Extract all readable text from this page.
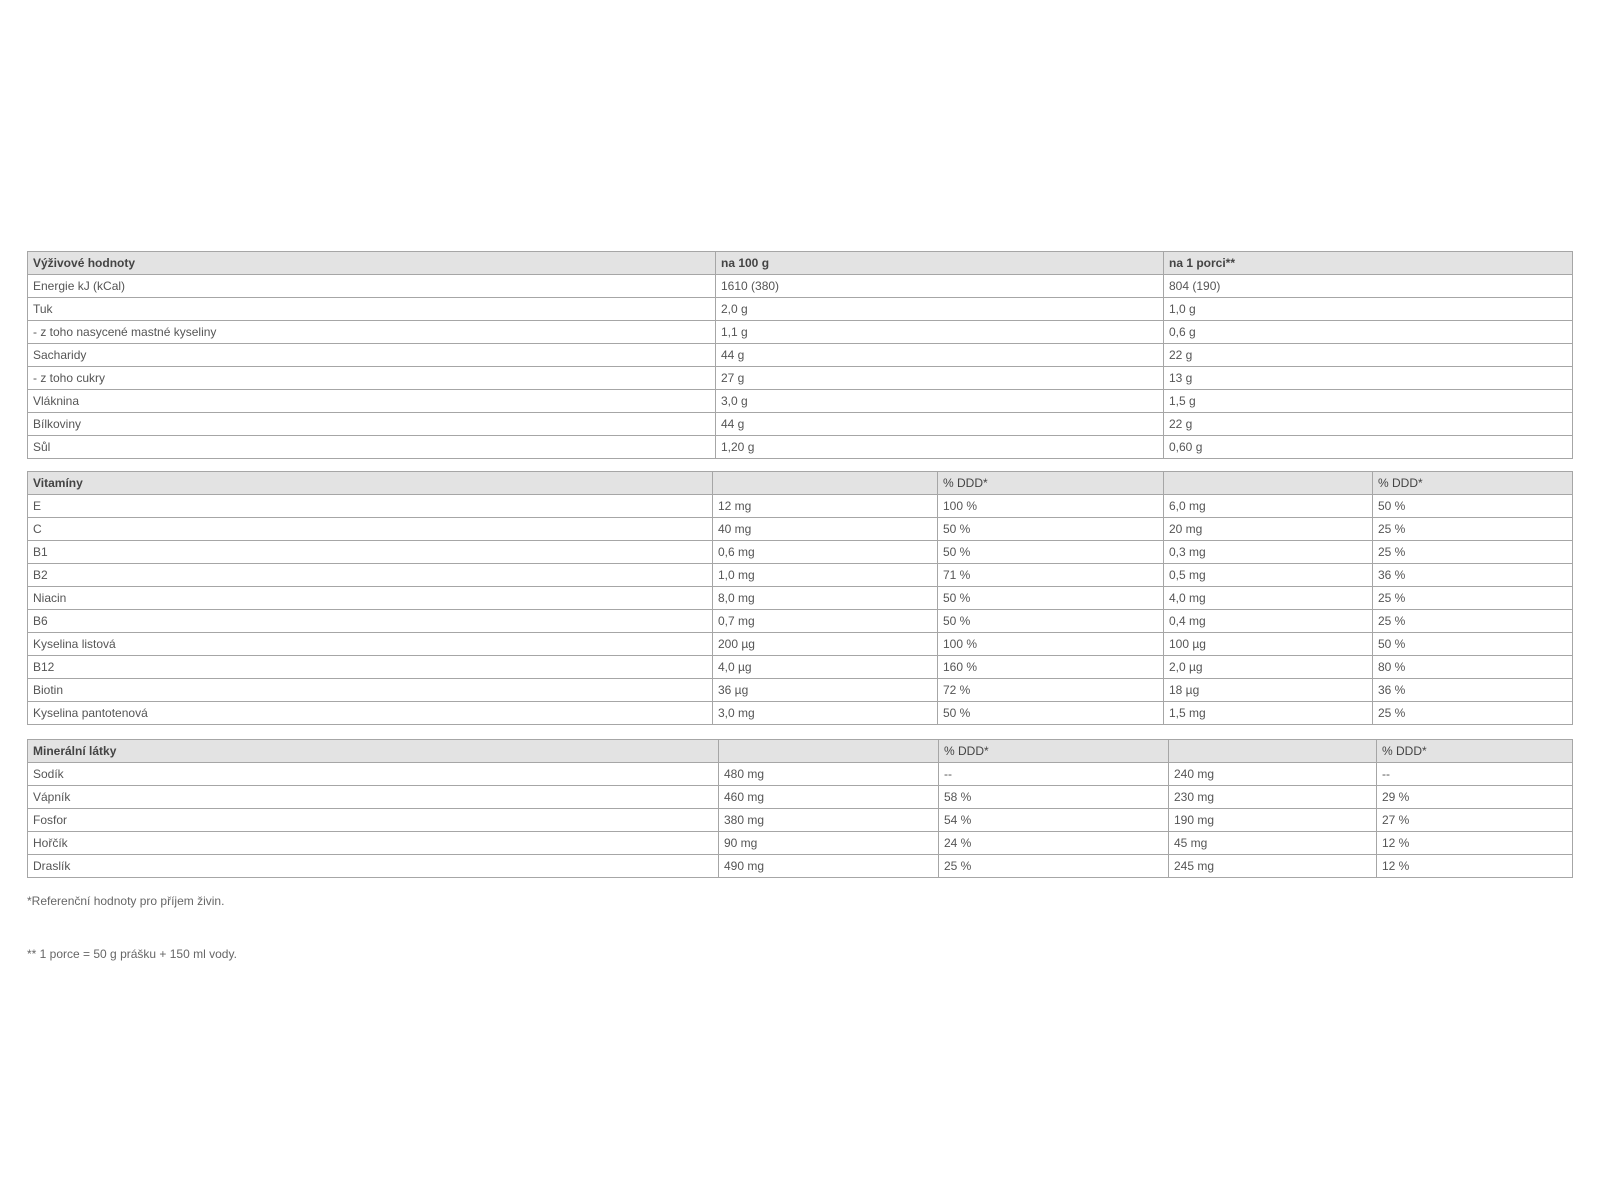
Výživové hodnoty	na 100 g	na 1 porci**
Energie kJ (kCal)	1610 (380)	804 (190)
Tuk	2,0 g	1,0 g
- z toho nasycené mastné kyseliny	1,1 g	0,6 g
Sacharidy	44 g	22 g
- z toho cukry	27 g	13 g
Vláknina	3,0 g	1,5 g
Bílkoviny	44 g	22 g
Sůl	1,20 g	0,60 g
Vitamíny		% DDD*		% DDD*
E	12 mg	100 %	6,0 mg	50 %
C	40 mg	50 %	20 mg	25 %
B1	0,6 mg	50 %	0,3 mg	25 %
B2	1,0 mg	71 %	0,5 mg	36 %
Niacin	8,0 mg	50 %	4,0 mg	25 %
B6	0,7 mg	50 %	0,4 mg	25 %
Kyselina listová	200 µg	100 %	100 µg	50 %
B12	4,0 µg	160 %	2,0 µg	80 %
Biotin	36 µg	72 %	18 µg	36 %
Kyselina pantotenová	3,0 mg	50 %	1,5 mg	25 %
Minerální látky		% DDD*		% DDD*
Sodík	480 mg	--	240 mg	--
Vápník	460 mg	58 %	230 mg	29 %
Fosfor	380 mg	54 %	190 mg	27 %
Hořčík	90 mg	24 %	45 mg	12 %
Draslík	490 mg	25 %	245 mg	12 %
*Referenční hodnoty pro příjem živin.
** 1 porce = 50 g prášku + 150 ml vody.
